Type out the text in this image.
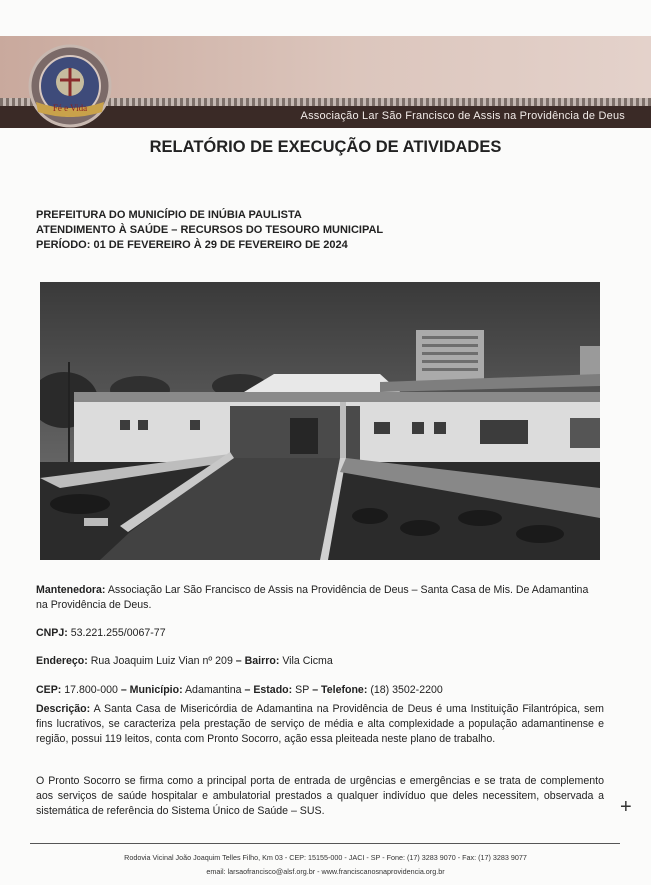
Associação Lar São Francisco de Assis na Providência de Deus
Fé e Vida
RELATÓRIO DE EXECUÇÃO DE ATIVIDADES
PREFEITURA DO MUNICÍPIO DE INÚBIA PAULISTA
ATENDIMENTO À SAÚDE – RECURSOS DO TESOURO MUNICIPAL
PERÍODO: 01 DE FEVEREIRO À 29 DE FEVEREIRO DE 2024
Mantenedora: Associação Lar São Francisco de Assis na Providência de Deus – Santa Casa de Mis. De Adamantina
na Providência de Deus.
CNPJ: 53.221.255/0067-77
Endereço: Rua Joaquim Luiz Vian nº 209 – Bairro: Vila Cicma
CEP: 17.800-000 – Município: Adamantina – Estado: SP – Telefone: (18) 3502-2200
Descrição: A Santa Casa de Misericórdia de Adamantina na Providência de Deus é uma Instituição Filantrópica, sem fins lucrativos, se caracteriza pela prestação de serviço de média e alta complexidade a população adamantinense e região, possui 119 leitos, conta com Pronto Socorro, ação essa pleiteada neste plano de trabalho.
O Pronto Socorro se firma como a principal porta de entrada de urgências e emergências e se trata de complemento aos serviços de saúde hospitalar e ambulatorial prestados a qualquer indivíduo que deles necessitem, observada a sistemática de referência do Sistema Único de Saúde – SUS.	+
Rodovia Vicinal João Joaquim Telles Filho, Km 03 - CEP: 15155-000 - JACI - SP - Fone: (17) 3283 9070 - Fax: (17) 3283 9077
email: larsaofrancisco@alsf.org.br - www.franciscanosnaprovidencia.org.br
